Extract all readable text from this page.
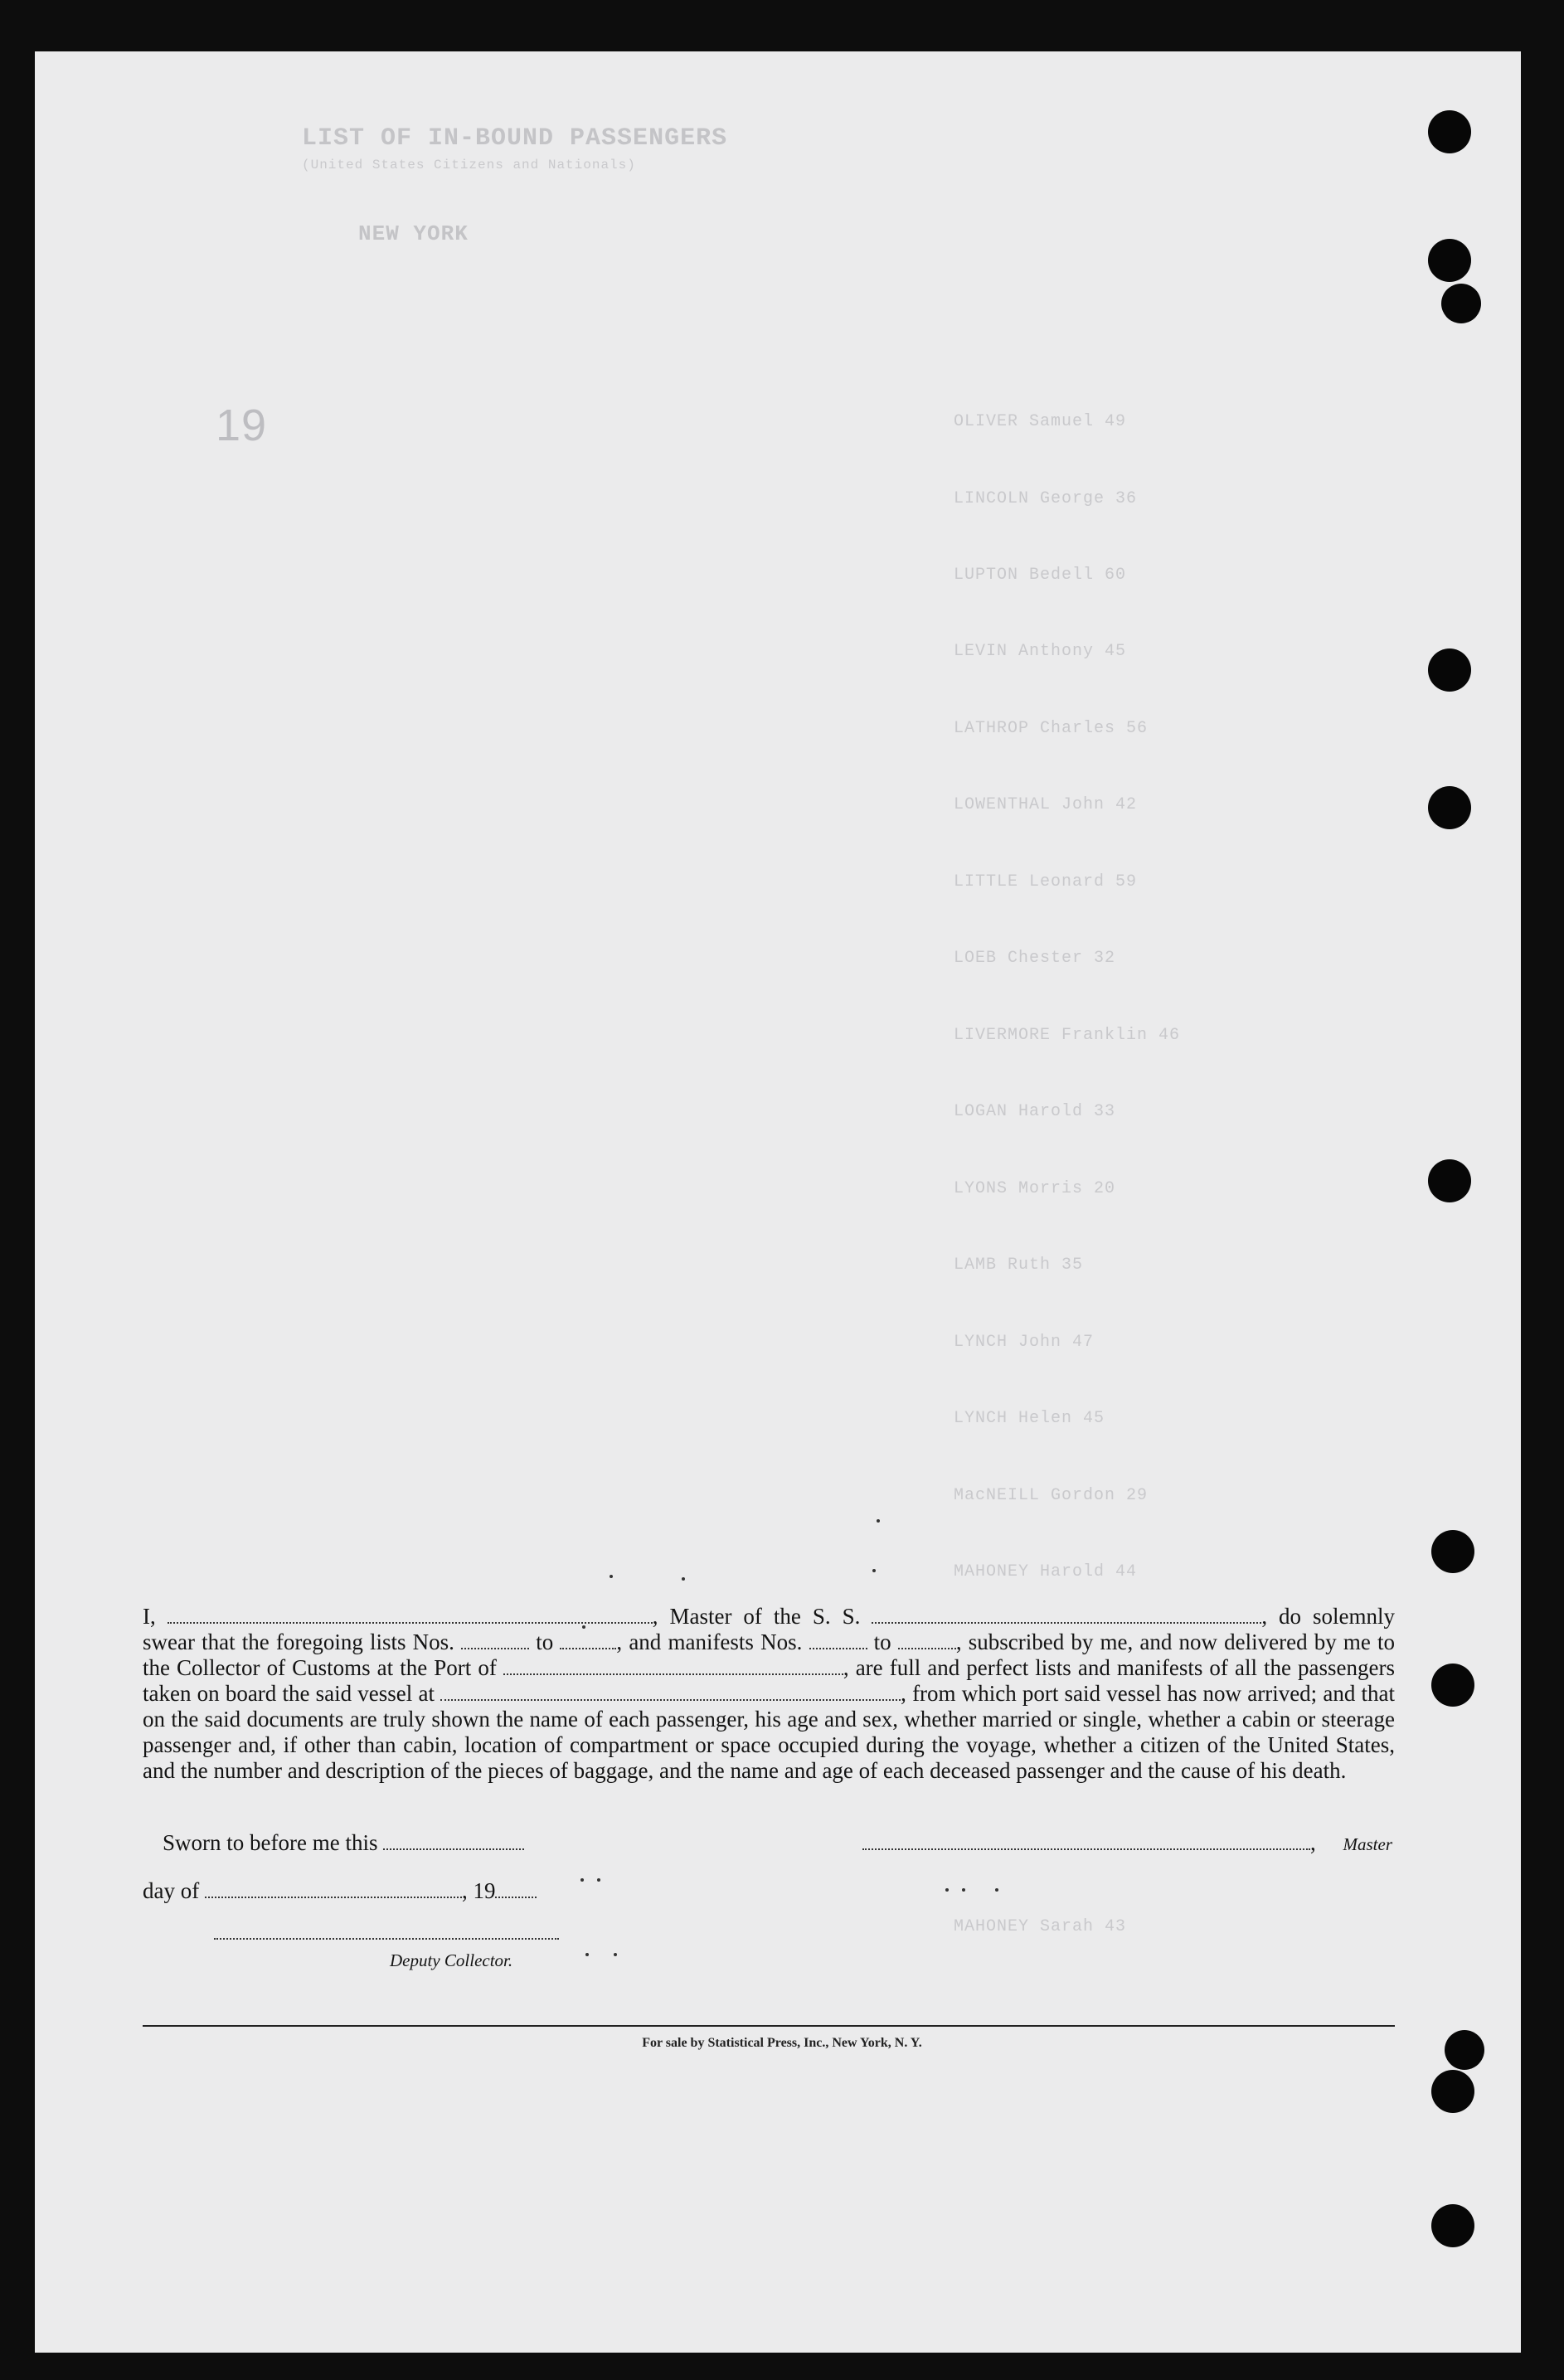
LIST OF IN-BOUND PASSENGERS
(United States Citizens and Nationals)
NEW YORK
19	OLIVER Samuel 49
LINCOLN George 36
LUPTON Bedell 60
LEVIN Anthony 45
LATHROP Charles 56
LOWENTHAL John 42
LITTLE Leonard 59
LOEB Chester 32
LIVERMORE Franklin 46
LOGAN Harold 33
LYONS Morris 20
LAMB Ruth 35
LYNCH John 47
LYNCH Helen 45
MacNEILL Gordon 29
MAHONEY Harold 44
MAHONEY Sarah 43
I,	, Master of the S. S.	, do solemnly swear that the foregoing lists Nos.	to	, and manifests Nos.	to	, subscribed by me, and now delivered by me to the Collector of Customs at the Port of	, are full and perfect lists and manifests of all the passengers taken on board the said vessel at	, from which port said vessel has now arrived; and that on the said documents are truly shown the name of each passenger, his age and sex, whether married or single, whether a cabin or steerage passenger and, if other than cabin, location of compartment or space occupied during the voyage, whether a citizen of the United States, and the number and description of the pieces of baggage, and the name and age of each deceased passenger and the cause of his death.
Sworn to before me this	, Master
day of	, 19
Deputy Collector.
For sale by Statistical Press, Inc., New York, N. Y.
